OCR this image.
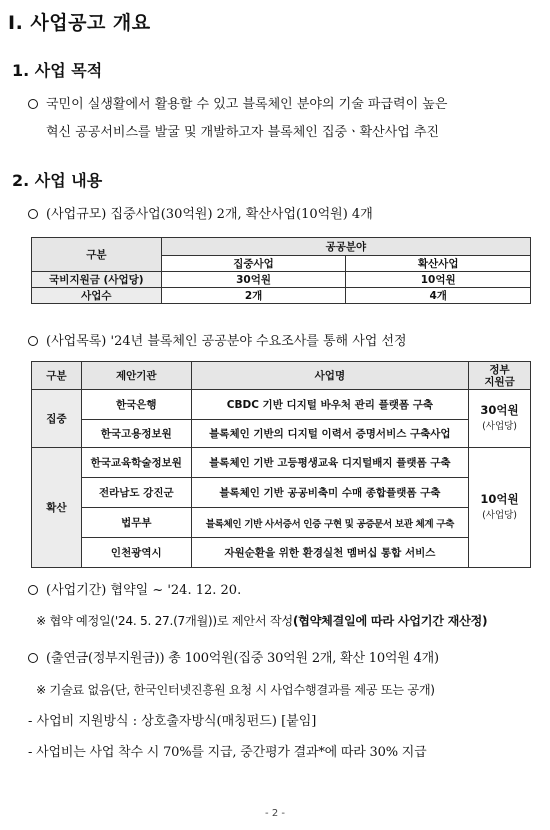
Ⅰ. 사업공고 개요
1. 사업 목적
국민이 실생활에서 활용할 수 있고 블록체인 분야의 기술 파급력이 높은
혁신 공공서비스를 발굴 및 개발하고자 블록체인 집중ㆍ확산사업 추진
2. 사업 내용
(사업규모) 집중사업(30억원) 2개, 확산사업(10억원) 4개
구분	공공분야	
	집중사업	확산사업
국비지원금 (사업당)	30억원	10억원
사업수	2개	4개
(사업목록) '24년 블록체인 공공분야 수요조사를 통해 사업 선정
구분	제안기관	사업명	정부
지원금
집중	한국은행	CBDC 기반 디지털 바우처 관리 플랫폼 구축	30억원
(사업당)
	한국고용정보원	블록체인 기반의 디지털 이력서 증명서비스 구축사업	
확산	한국교육학술정보원	블록체인 기반 고등평생교육 디지털배지 플랫폼 구축	10억원
(사업당)
	전라남도 강진군	블록체인 기반 공공비축미 수매 종합플랫폼 구축	
	법무부	블록체인 기반 사서증서 인증 구현 및 공증문서 보관 체계 구축	
	인천광역시	자원순환을 위한 환경실천 멤버십 통합 서비스	
(사업기간) 협약일 ~ '24. 12. 20.
※ 협약 예정일('24. 5. 27.(7개월))로 제안서 작성(협약체결일에 따라 사업기간 재산정)
(출연금(정부지원금)) 총 100억원(집중 30억원 2개, 확산 10억원 4개)
※ 기술료 없음(단, 한국인터넷진흥원 요청 시 사업수행결과를 제공 또는 공개)
- 사업비 지원방식 : 상호출자방식(매칭펀드) [붙임]
- 사업비는 사업 착수 시 70%를 지급, 중간평가 결과*에 따라 30% 지급
- 2 -
